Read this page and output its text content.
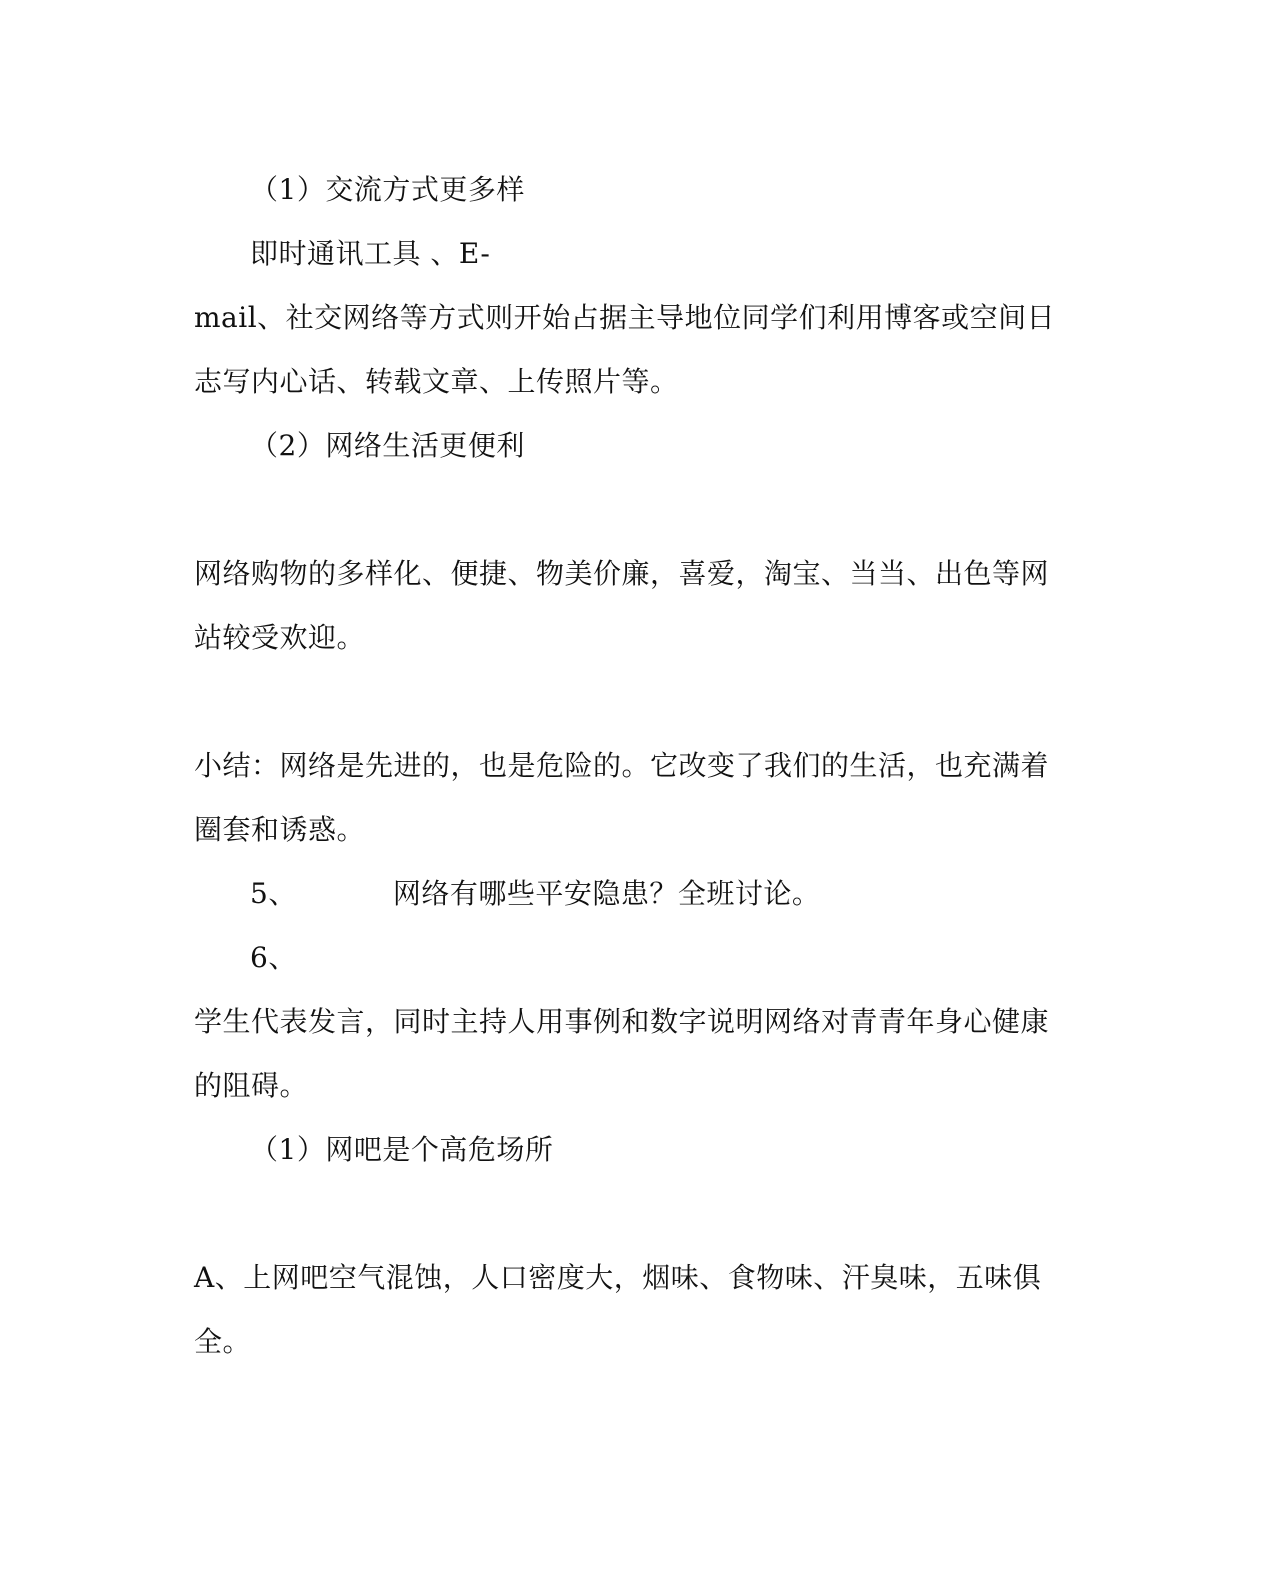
（1）交流方式更多样
即时通讯工具 、E-
mail、社交网络等方式则开始占据主导地位同学们利用博客或空间日
志写内心话、转载文章、上传照片等。
（2）网络生活更便利
网络购物的多样化、便捷、物美价廉，喜爱，淘宝、当当、出色等网
站较受欢迎。
小结：网络是先进的，也是危险的。它改变了我们的生活，也充满着
圈套和诱惑。
5、	网络有哪些平安隐患？全班讨论。
6、
学生代表发言，同时主持人用事例和数字说明网络对青青年身心健康
的阻碍。
（1）网吧是个高危场所
A、上网吧空气混蚀，人口密度大，烟味、食物味、汗臭味，五味俱
全。
